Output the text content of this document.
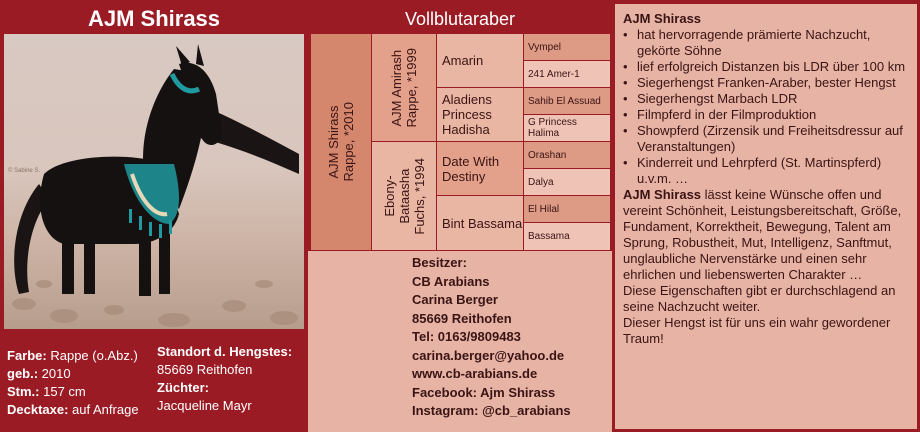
AJM Shirass
© Sabine S.
Farbe: Rappe (o.Abz.)
geb.: 2010
Stm.: 157 cm
Decktaxe: auf Anfrage
Standort d. Hengstes:
85669 Reithofen
Züchter:
Jacqueline Mayr
Vollblutaraber
AJM Shirass Rappe, *2010
AJM Amirash Rappe, *1999
Ebony- Bataasha Fuchs, *1994
Amarin
Aladiens Princess Hadisha
Date With Destiny
Bint Bassama
Vympel
241 Amer-1
Sahib El Assuad
G Princess Halima
Orashan
Dalya
El Hilal
Bassama
Besitzer:
CB Arabians
Carina Berger
85669 Reithofen
Tel: 0163/9809483
carina.berger@yahoo.de
www.cb-arabians.de
Facebook: Ajm Shirass
Instagram: @cb_arabians
AJM Shirass
• hat hervorragende prämierte Nachzucht, gekörte Söhne
• lief erfolgreich Distanzen bis LDR über 100 km
• Siegerhengst Franken-Araber, bester Hengst
• Siegerhengst Marbach LDR
• Filmpferd in der Filmproduktion
• Showpferd (Zirzensik und Freiheitsdressur auf Veranstaltungen)
• Kinderreit und Lehrpferd (St. Martinspferd) u.v.m. …

AJM Shirass lässt keine Wünsche offen und vereint Schönheit, Leistungsbereitschaft, Größe, Fundament, Korrektheit, Bewegung, Talent am Sprung, Robustheit, Mut, Intelligenz, Sanftmut, unglaubliche Nervenstärke und einen sehr ehrlichen und liebenswerten Charakter …

Diese Eigenschaften gibt er durchschlagend an seine Nachzucht weiter.

Dieser Hengst ist für uns ein wahr gewordener Traum!
